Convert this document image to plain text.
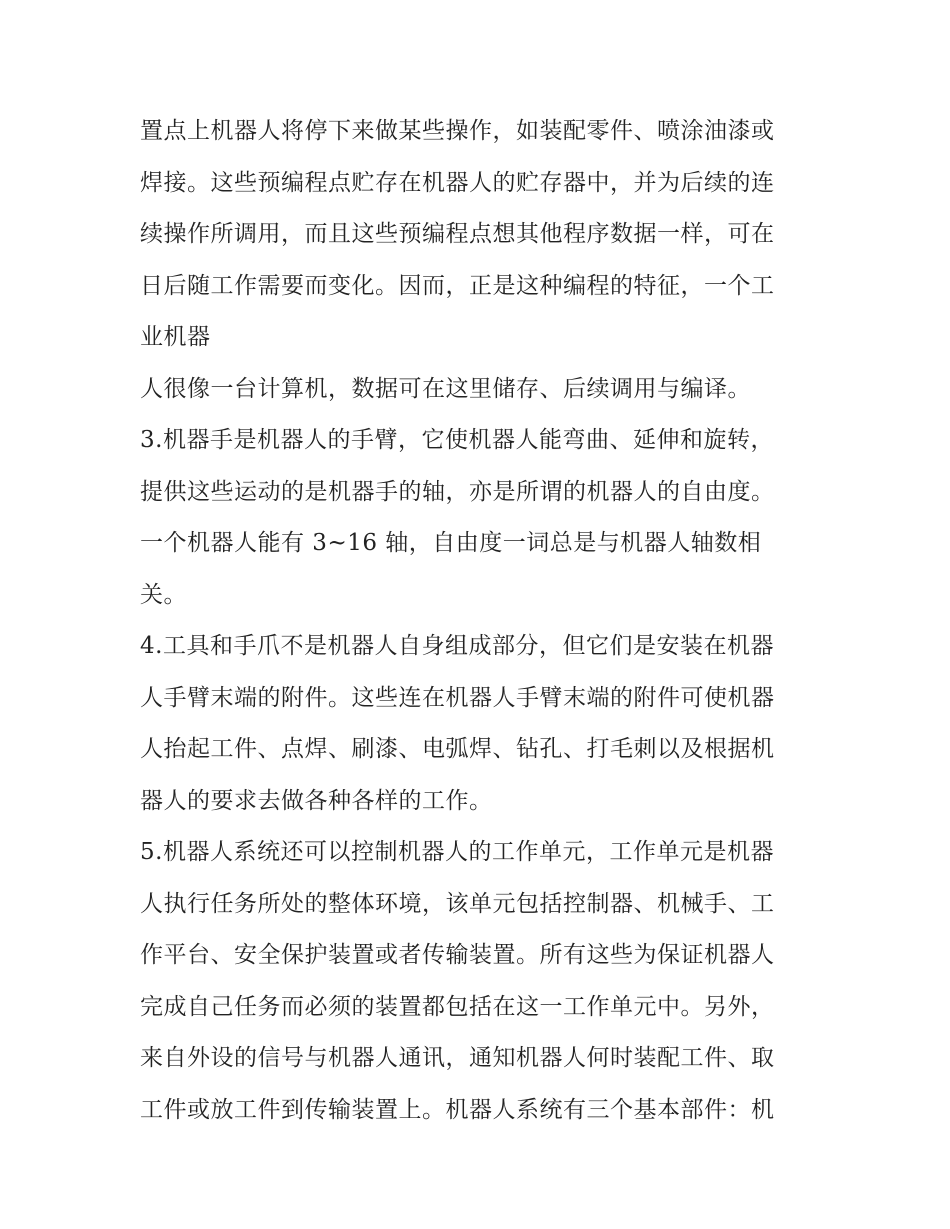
置点上机器人将停下来做某些操作，如装配零件、喷涂油漆或
焊接。这些预编程点贮存在机器人的贮存器中，并为后续的连
续操作所调用，而且这些预编程点想其他程序数据一样，可在
日后随工作需要而变化。因而，正是这种编程的特征，一个工
业机器
人很像一台计算机，数据可在这里储存、后续调用与编译。
3.机器手是机器人的手臂，它使机器人能弯曲、延伸和旋转，
提供这些运动的是机器手的轴，亦是所谓的机器人的自由度。
一个机器人能有 3~16 轴，自由度一词总是与机器人轴数相
关。
4.工具和手爪不是机器人自身组成部分，但它们是安装在机器
人手臂末端的附件。这些连在机器人手臂末端的附件可使机器
人抬起工件、点焊、刷漆、电弧焊、钻孔、打毛刺以及根据机
器人的要求去做各种各样的工作。
5.机器人系统还可以控制机器人的工作单元，工作单元是机器
人执行任务所处的整体环境，该单元包括控制器、机械手、工
作平台、安全保护装置或者传输装置。所有这些为保证机器人
完成自己任务而必须的装置都包括在这一工作单元中。另外，
来自外设的信号与机器人通讯，通知机器人何时装配工件、取
工件或放工件到传输装置上。机器人系统有三个基本部件：机
